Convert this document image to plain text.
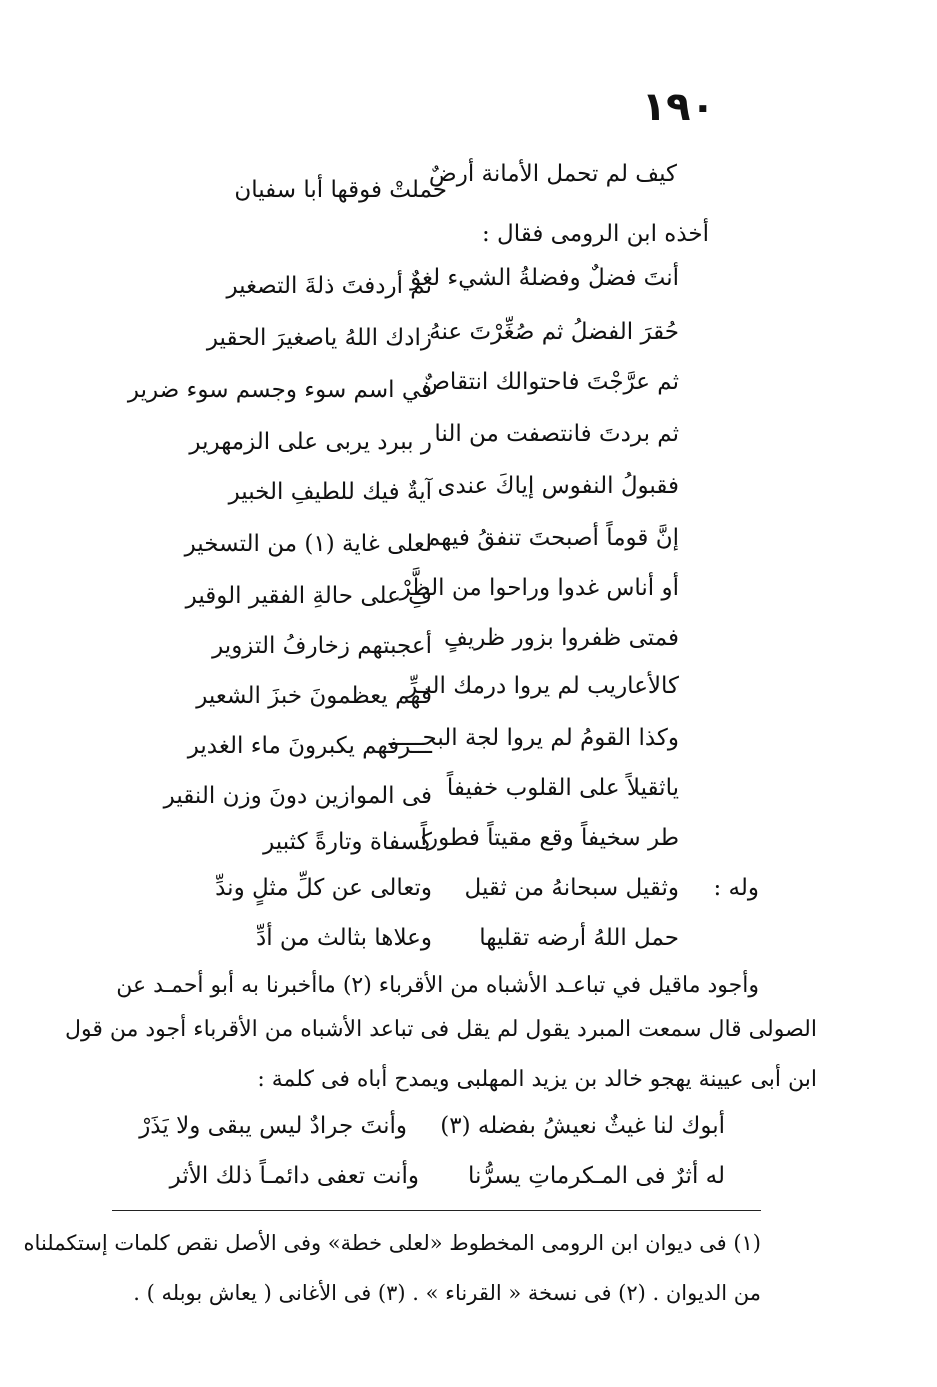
١٩٠
كيف لم تحمل الأمانة أرضٌ
حملتْ فوقها أبا سفيان
أخذه ابن الرومى فقال :
أنتَ فضلٌ وفضلةُ الشيء لغوٌ
ثم أردفتَ ذلةَ التصغير
حُقرَ الفضلُ ثم صُغِّرْتَ عنهُ
زادك اللهُ ياصغيرَ الحقير
ثم عرَّجْتَ فاحتوالك انتقاصٌ
في اسم سوء وجسم سوء ضرير
ثم بردتَ فانتصفت من النا
ر ببرد يربى على الزمهرير
فقبولُ النفوس إياكَ عندى
آيةٌ فيك للطيفِ الخبير
إنَّ قوماً أصبحتَ تنفقُ فيهم
لعلى غاية (١) من التسخير
أو أناس غدوا وراحوا من الظَّرْ
فِ على حالةِ الفقير الوقير
فمتى ظفروا بزور ظريفٍ
أعجبتهم زخارفُ التزوير
كالأعاريب لم يروا درمك البـرِّ
فهم يعظمونَ خبزَ الشعير
وكذا القومُ لم يروا لجة البحـــــ
ـــرفهم يكبرونَ ماء الغدير
ياثقيلاً على القلوب خفيفاً
فى الموازين دونَ وزن النقير
طر سخيفاً وقع مقيتاً فطوراً
كسفاة وتارةً كثبير
وله :
وثقيل سبحانهُ من ثقيل
وتعالى عن كلِّ مثلٍ وندِّ
حمل اللهُ أرضه تقليها
وعلاها بثالث من أدِّ
وأجود ماقيل في تباعـد الأشباه من الأقرباء (٢) ماأخبرنا به أبو أحمـد عن
الصولى قال سمعت المبرد يقول لم يقل فى تباعد الأشباه من الأقرباء أجود من قول
ابن أبى عيينة يهجو خالد بن يزيد المهلبى ويمدح أباه فى كلمة :
أبوك لنا غيثٌ نعيشُ بفضله (٣)
وأنتَ جرادٌ ليس يبقى ولا يَذَرْ
له أثرٌ فى المـكرماتِ يسرُّنا
وأنت تعفى دائمـاً ذلك الأثر
(١) فى ديوان ابن الرومى المخطوط «لعلى خطة» وفى الأصل نقص كلمات إستكملناه
من الديوان . (٢) فى نسخة « القرناء » . (٣) فى الأغانى ( يعاش بوبله ) .
